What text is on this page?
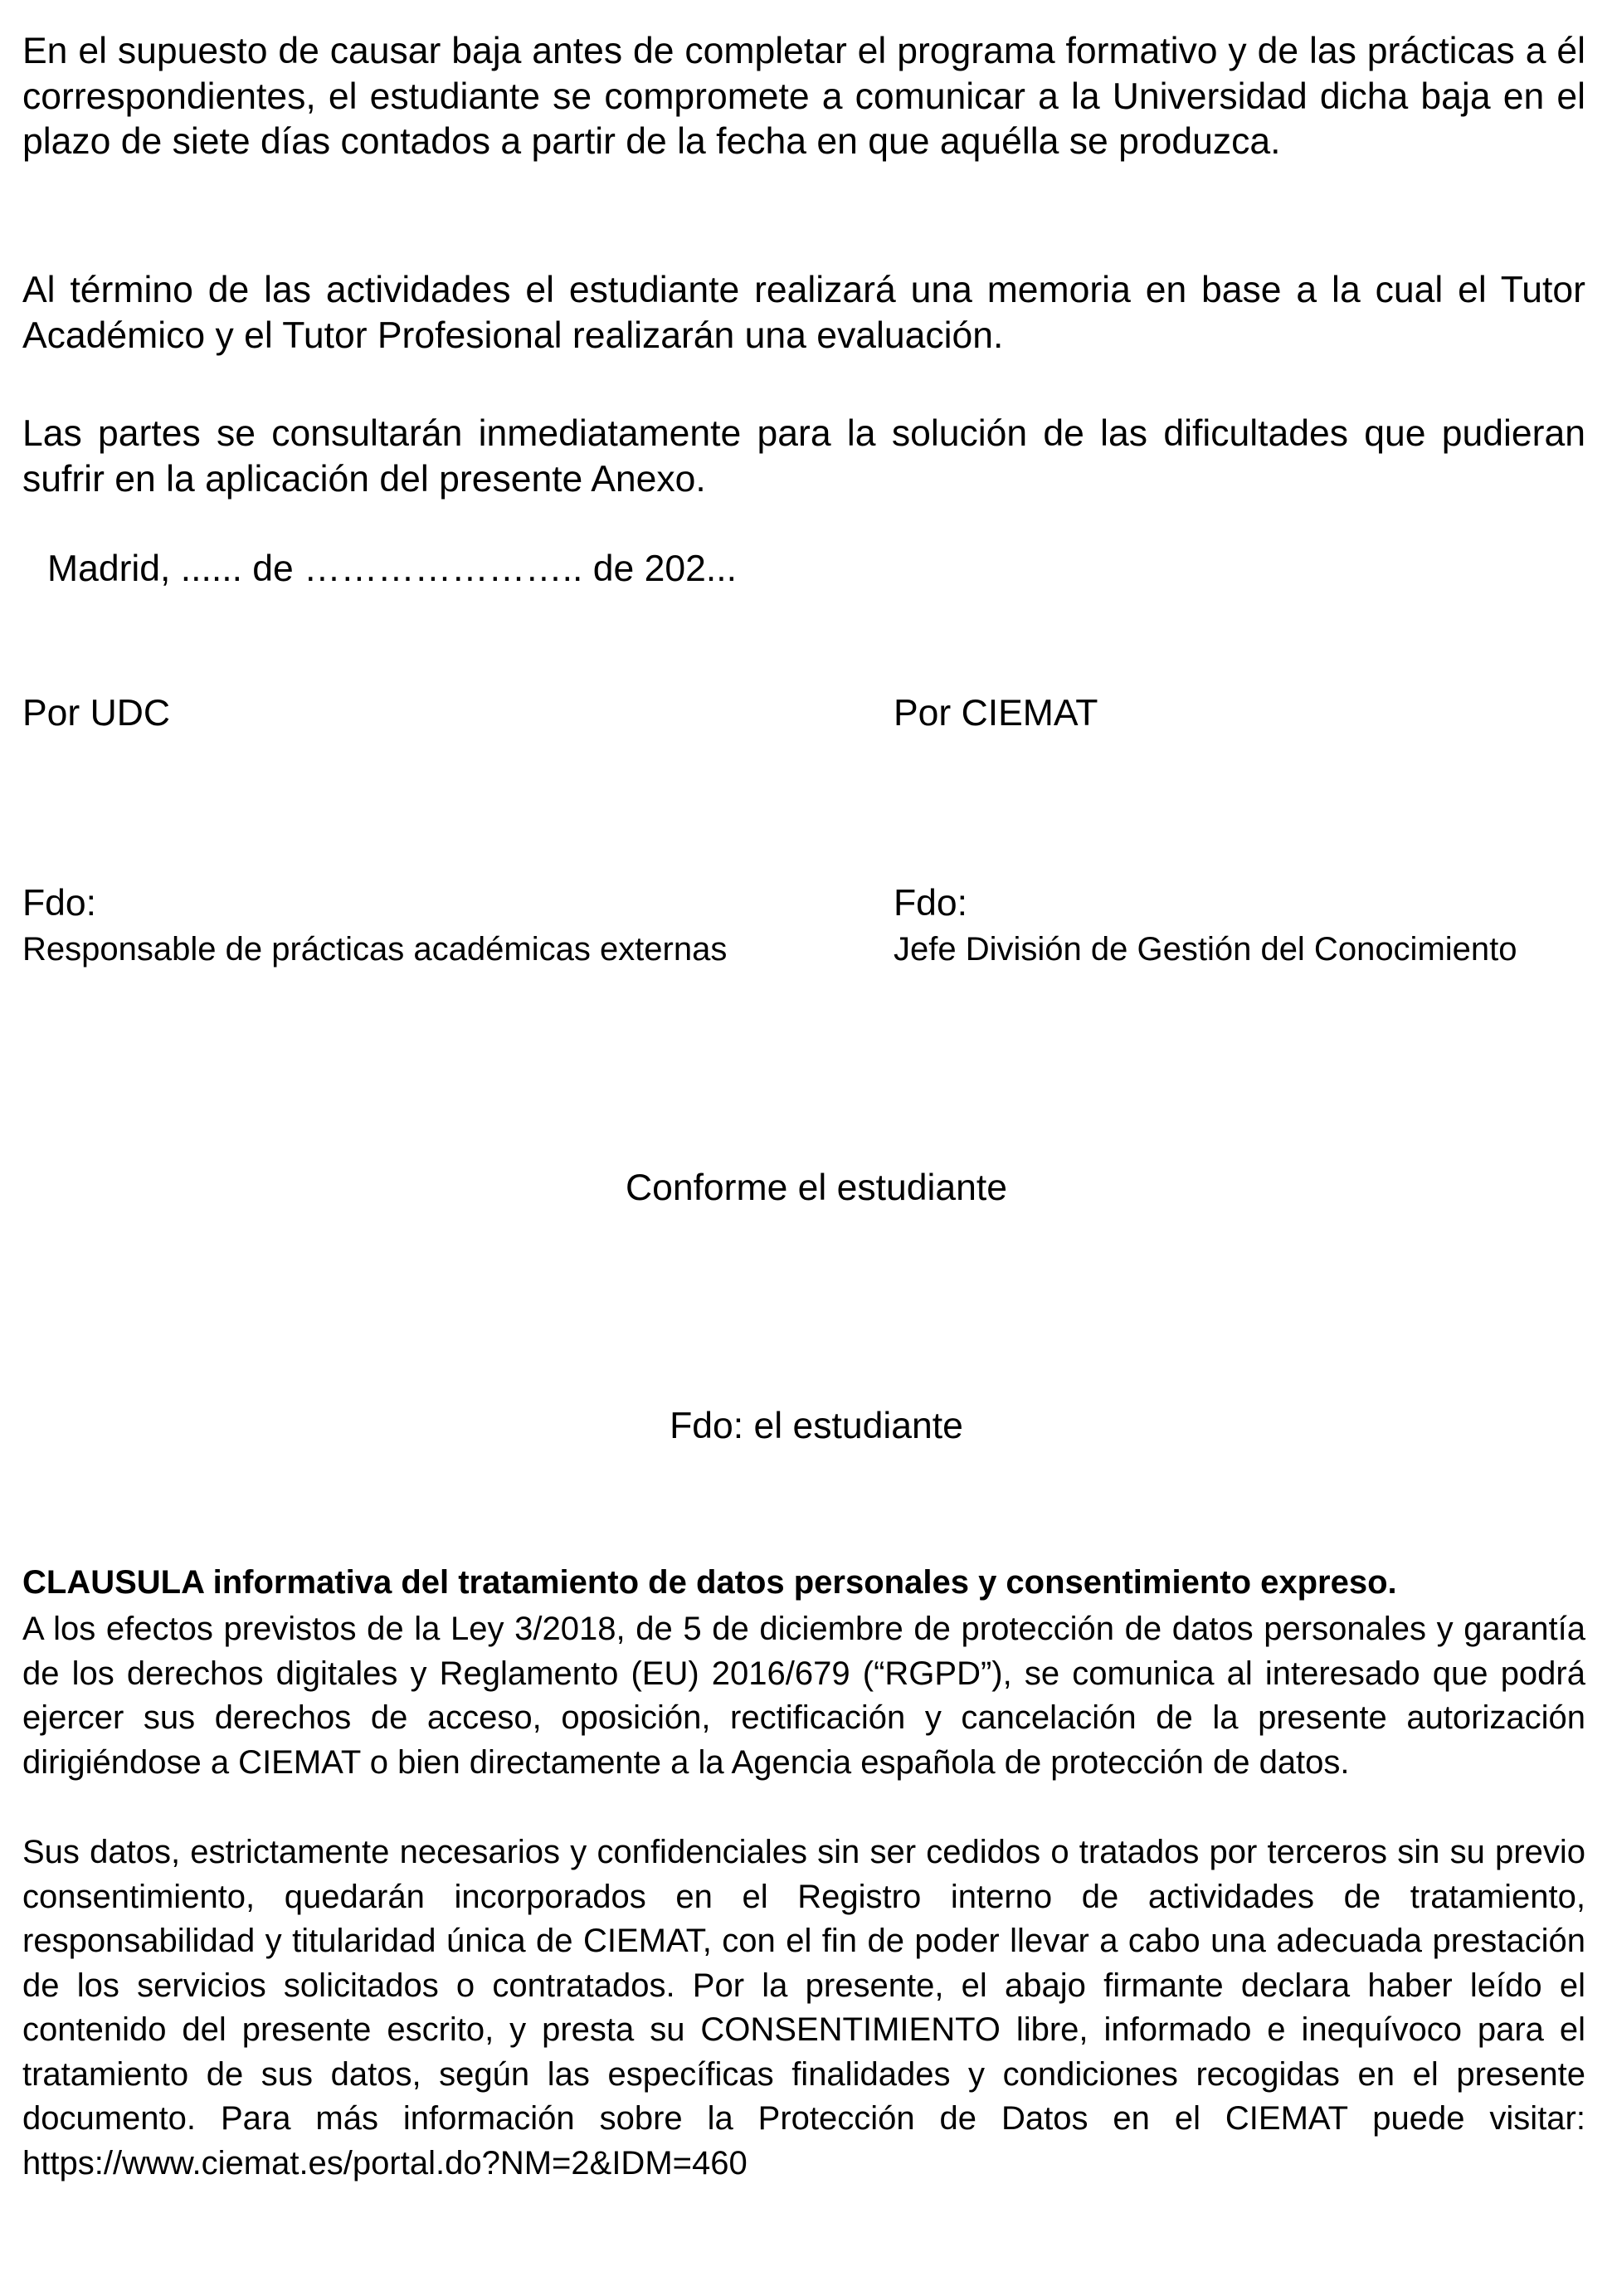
En el supuesto de causar baja antes de completar el programa formativo y de las prácticas a él correspondientes, el estudiante se compromete a comunicar a la Universidad dicha baja en el plazo de siete días contados a partir de la fecha en que aquélla se produzca.

Al término de las actividades el estudiante realizará una memoria en base a la cual el Tutor Académico y el Tutor Profesional realizarán una evaluación.

Las partes se consultarán inmediatamente para la solución de las dificultades que pudieran sufrir en la aplicación del presente Anexo.

Madrid, ...... de ………………….. de 202...
Por UDC	Por CIEMAT
Fdo:	Fdo:
Responsable de prácticas académicas externas	Jefe División de Gestión del Conocimiento
Conforme el estudiante
Fdo: el estudiante
CLAUSULA informativa del tratamiento de datos personales y consentimiento expreso.

A los efectos previstos de la Ley 3/2018, de 5 de diciembre de protección de datos personales y garantía de los derechos digitales y Reglamento (EU) 2016/679 (“RGPD”), se comunica al interesado que podrá ejercer sus derechos de acceso, oposición, rectificación y cancelación de la presente autorización dirigiéndose a CIEMAT o bien directamente a la Agencia española de protección de datos.

Sus datos, estrictamente necesarios y confidenciales sin ser cedidos o tratados por terceros sin su previo consentimiento, quedarán incorporados en el Registro interno de actividades de tratamiento, responsabilidad y titularidad única de CIEMAT, con el fin de poder llevar a cabo una adecuada prestación de los servicios solicitados o contratados. Por la presente, el abajo firmante declara haber leído el contenido del presente escrito, y presta su CONSENTIMIENTO libre, informado e inequívoco para el tratamiento de sus datos, según las específicas finalidades y condiciones recogidas en el presente documento. Para más información sobre la Protección de Datos en el CIEMAT puede visitar: https://www.ciemat.es/portal.do?NM=2&IDM=460
